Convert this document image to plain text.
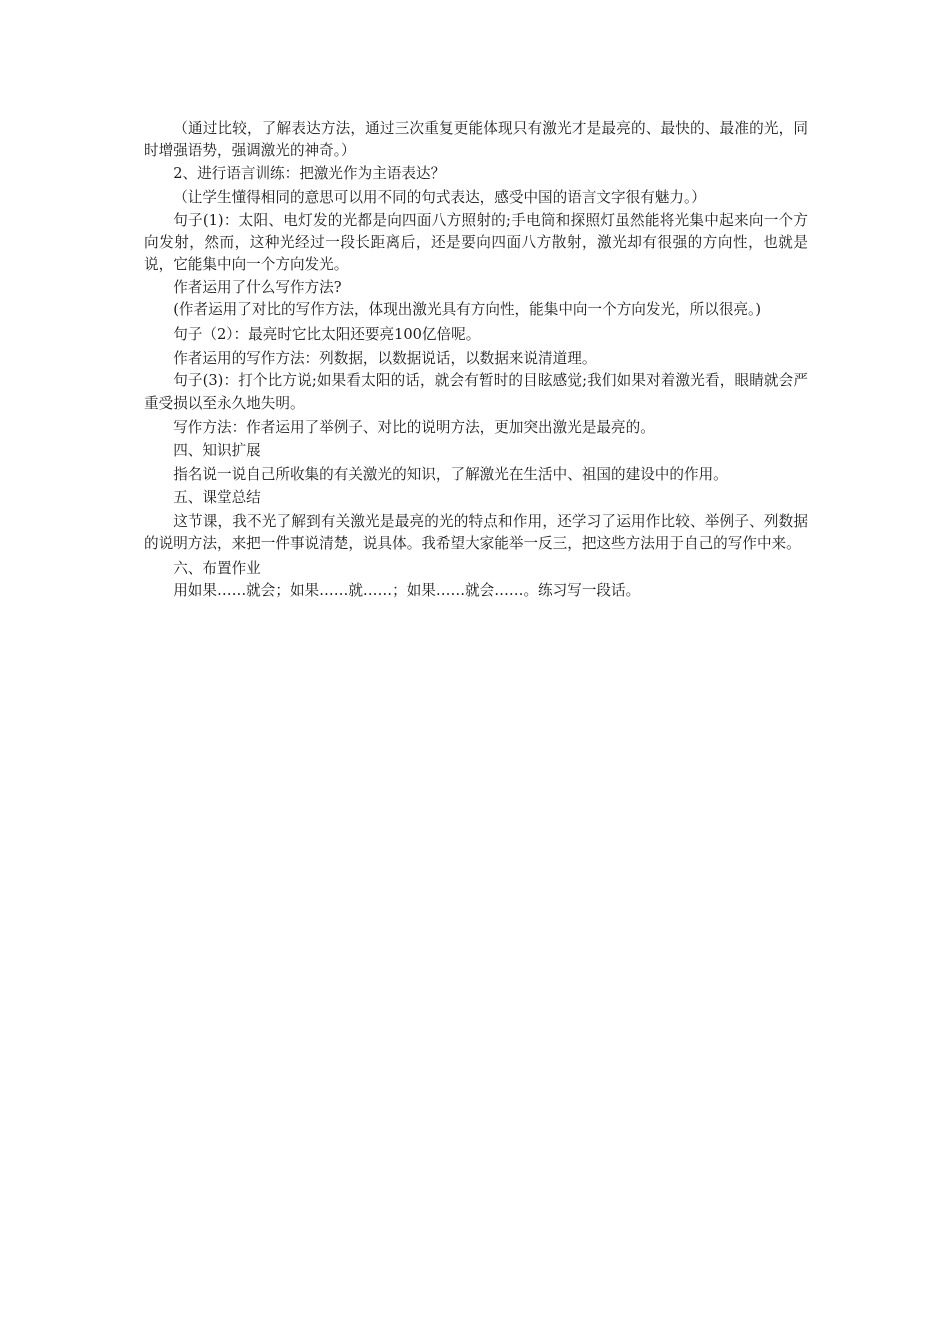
（通过比较，了解表达方法，通过三次重复更能体现只有激光才是最亮的、最快的、最准的光，同时增强语势，强调激光的神奇。）

2、进行语言训练：把激光作为主语表达？

（让学生懂得相同的意思可以用不同的句式表达，感受中国的语言文字很有魅力。）

句子(1)：太阳、电灯发的光都是向四面八方照射的;手电筒和探照灯虽然能将光集中起来向一个方向发射，然而，这种光经过一段长距离后，还是要向四面八方散射，激光却有很强的方向性，也就是说，它能集中向一个方向发光。

作者运用了什么写作方法?

(作者运用了对比的写作方法，体现出激光具有方向性，能集中向一个方向发光，所以很亮。)

句子（2）：最亮时它比太阳还要亮100亿倍呢。

作者运用的写作方法：列数据，以数据说话，以数据来说清道理。

句子(3)：打个比方说;如果看太阳的话，就会有暂时的目眩感觉;我们如果对着激光看，眼睛就会严重受损以至永久地失明。

写作方法：作者运用了举例子、对比的说明方法，更加突出激光是最亮的。

四、知识扩展

指名说一说自己所收集的有关激光的知识，了解激光在生活中、祖国的建设中的作用。

五、课堂总结

这节课，我不光了解到有关激光是最亮的光的特点和作用，还学习了运用作比较、举例子、列数据的说明方法，来把一件事说清楚，说具体。我希望大家能举一反三，把这些方法用于自己的写作中来。

六、布置作业

用如果……就会；如果……就……；如果……就会……。练习写一段话。
